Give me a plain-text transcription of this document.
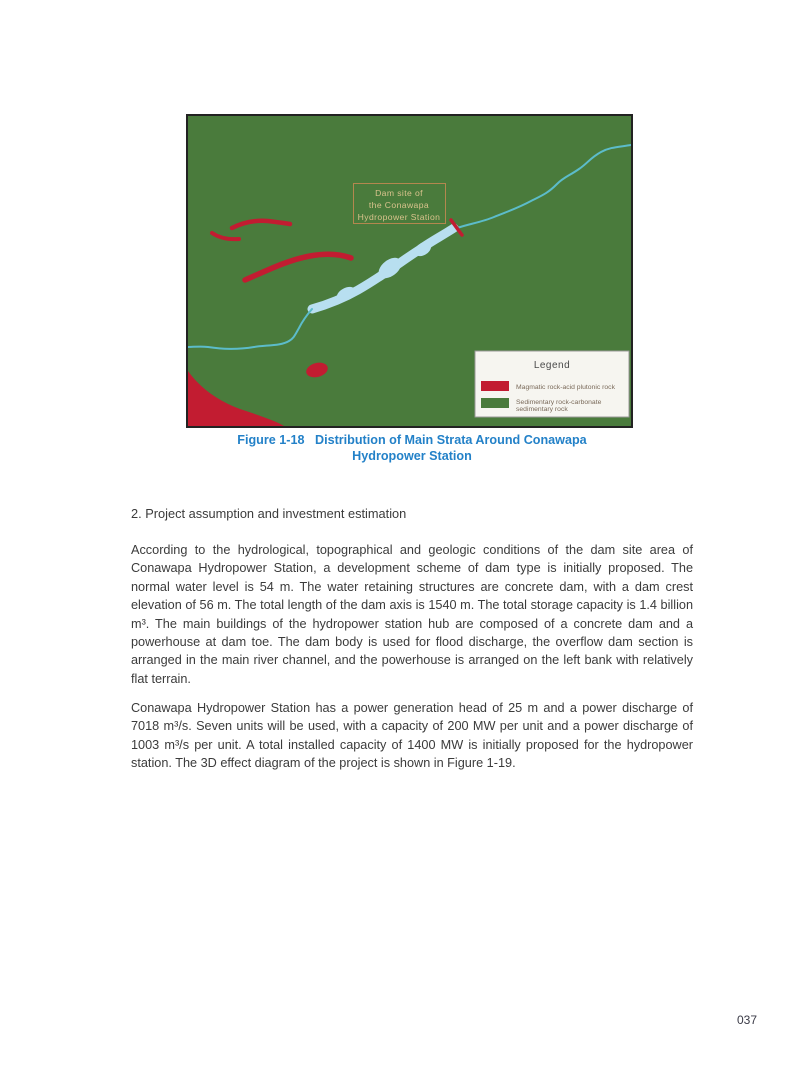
Dam site of
the Conawapa
Hydropower Station
Legend
Magmatic rock-acid plutonic rock
Sedimentary rock-carbonate
sedimentary rock
Figure 1-18   Distribution of Main Strata Around Conawapa
Hydropower Station
2. Project assumption and investment estimation
According to the hydrological, topographical and geologic conditions of the dam site area of Conawapa Hydropower Station, a development scheme of dam type is initially proposed. The normal water level is 54 m. The water retaining structures are concrete dam, with a dam crest elevation of 56 m. The total length of the dam axis is 1540 m. The total storage capacity is 1.4 billion m³. The main buildings of the hydropower station hub are composed of a concrete dam and a powerhouse at dam toe. The dam body is used for flood discharge, the overflow dam section is arranged in the main river channel, and the powerhouse is arranged on the left bank with relatively flat terrain.
Conawapa Hydropower Station has a power generation head of 25 m and a power discharge of 7018 m³/s. Seven units will be used, with a capacity of 200 MW per unit and a power discharge of 1003 m³/s per unit. A total installed capacity of 1400 MW is initially proposed for the hydropower station. The 3D effect diagram of the project is shown in Figure 1-19.
037
